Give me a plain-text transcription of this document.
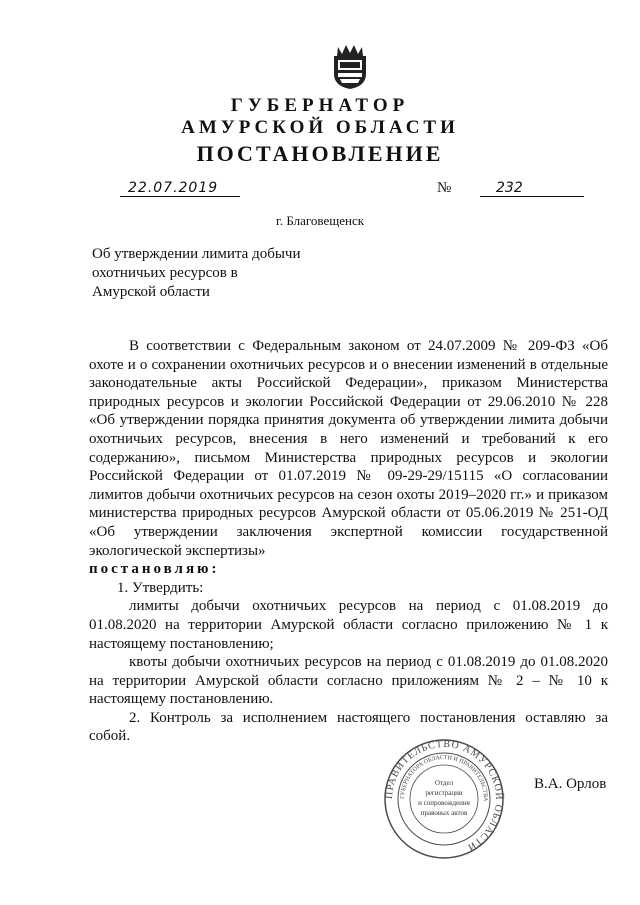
ГУБЕРНАТОР
АМУРСКОЙ ОБЛАСТИ
ПОСТАНОВЛЕНИЕ
22.07.2019	№	232
г. Благовещенск
Об утверждении лимита добычи
охотничьих ресурсов в
Амурской области

В соответствии с Федеральным законом от 24.07.2009 № 209-ФЗ «Об охоте и о сохранении охотничьих ресурсов и о внесении изменений в отдельные законодательные акты Российской Федерации», приказом Министерства природных ресурсов и экологии Российской Федерации от 29.06.2010 № 228 «Об утверждении порядка принятия документа об утверждении лимита добычи охотничьих ресурсов, внесения в него изменений и требований к его содержанию», письмом Министерства природных ресурсов и экологии Российской Федерации от 01.07.2019 № 09-29-29/15115 «О согласовании лимитов добычи охотничьих ресурсов на сезон охоты 2019–2020 гг.» и приказом министерства природных ресурсов Амурской области от 05.06.2019 № 251-ОД «Об утверждении заключения экспертной комиссии государственной экологической экспертизы»

постановляю:

1. Утвердить:

лимиты добычи охотничьих ресурсов на период с 01.08.2019 до 01.08.2020 на территории Амурской области согласно приложению № 1 к настоящему постановлению;

квоты добычи охотничьих ресурсов на период с 01.08.2019 до 01.08.2020 на территории Амурской области согласно приложениям № 2 – № 10 к настоящему постановлению.

2. Контроль за исполнением настоящего постановления оставляю за собой.

ПРАВИТЕЛЬСТВО АМУРСКОЙ ОБЛАСТИ
ГУБЕРНАТОРА ОБЛАСТИ И ПРАВИТЕЛЬСТВА
Отдел
регистрации
и сопровождения
правовых актов
В.А. Орлов
